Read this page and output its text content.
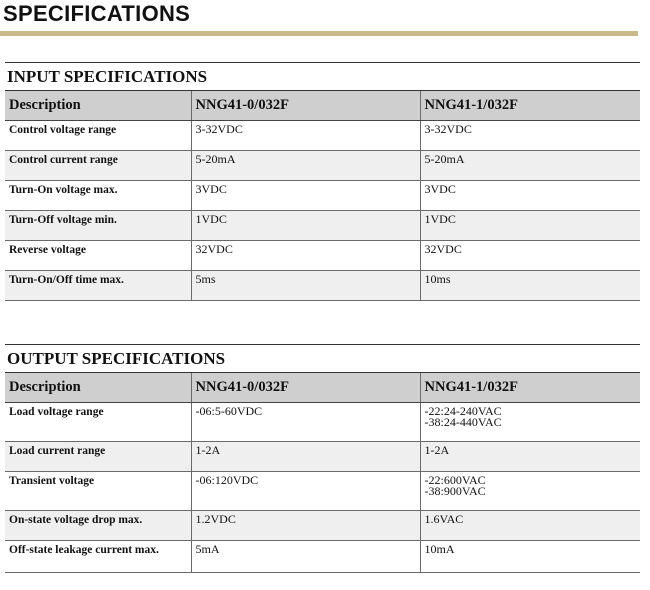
SPECIFICATIONS
INPUT SPECIFICATIONS
Description	NNG41-0/032F	NNG41-1/032F
Control voltage range	3-32VDC	3-32VDC

Control current range	5-20mA	5-20mA

Turn-On voltage max.	3VDC	3VDC

Turn-Off voltage min.	1VDC	1VDC

Reverse voltage	32VDC	32VDC

Turn-On/Off time max.	5ms	10ms
OUTPUT SPECIFICATIONS
Description	NNG41-0/032F	NNG41-1/032F
Load voltage range	-06:5-60VDC	-22:24-240VAC
-38:24-440VAC

Load current range	1-2A	1-2A

Transient voltage	-06:120VDC	-22:600VAC
-38:900VAC

On-state voltage drop max.	1.2VDC	1.6VAC

Off-state leakage current max.	5mA	10mA
